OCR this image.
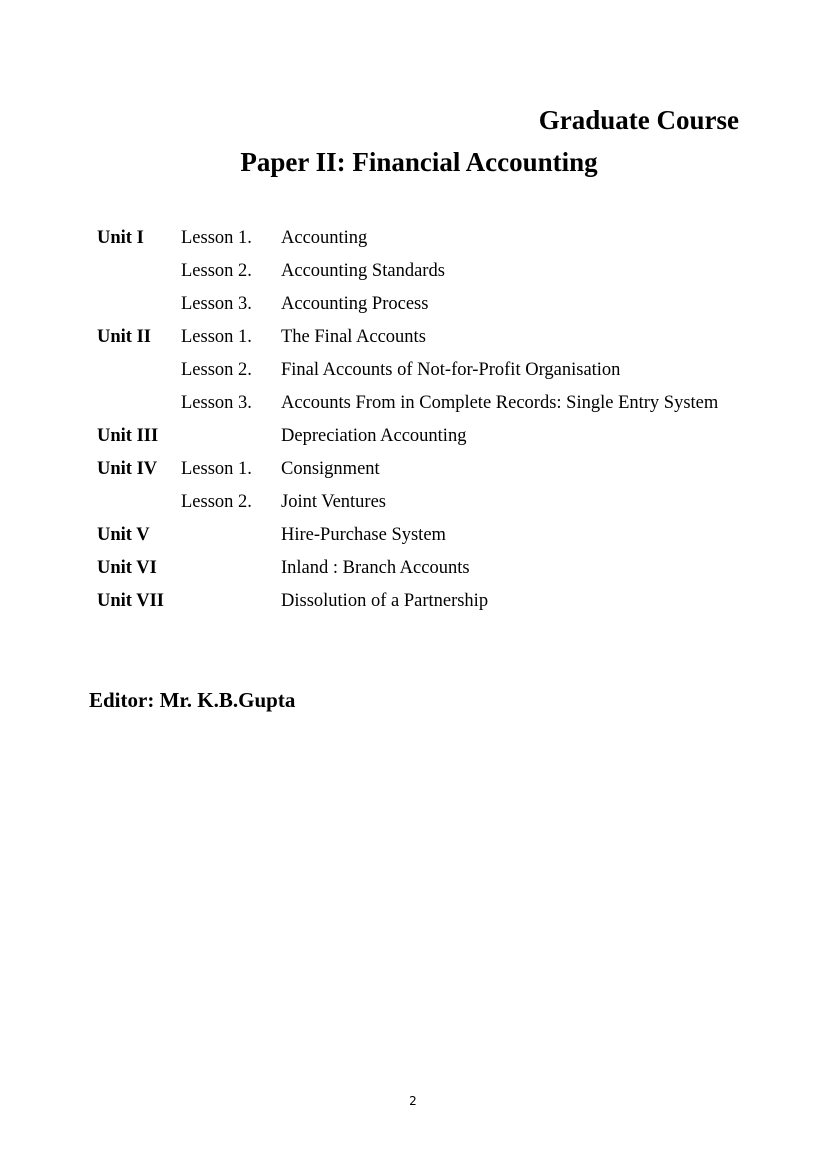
Graduate Course
Paper II: Financial Accounting
Unit I Lesson 1. Accounting
Lesson 2. Accounting Standards
Lesson 3. Accounting Process
Unit II Lesson 1. The Final Accounts
Lesson 2. Final Accounts of Not-for-Profit Organisation
Lesson 3. Accounts From in Complete Records: Single Entry System
Unit III	Depreciation Accounting
Unit IV Lesson 1. Consignment
Lesson 2. Joint Ventures
Unit V	Hire-Purchase System
Unit VI	Inland : Branch Accounts
Unit VII	Dissolution of a Partnership
Editor: Mr. K.B.Gupta
2
